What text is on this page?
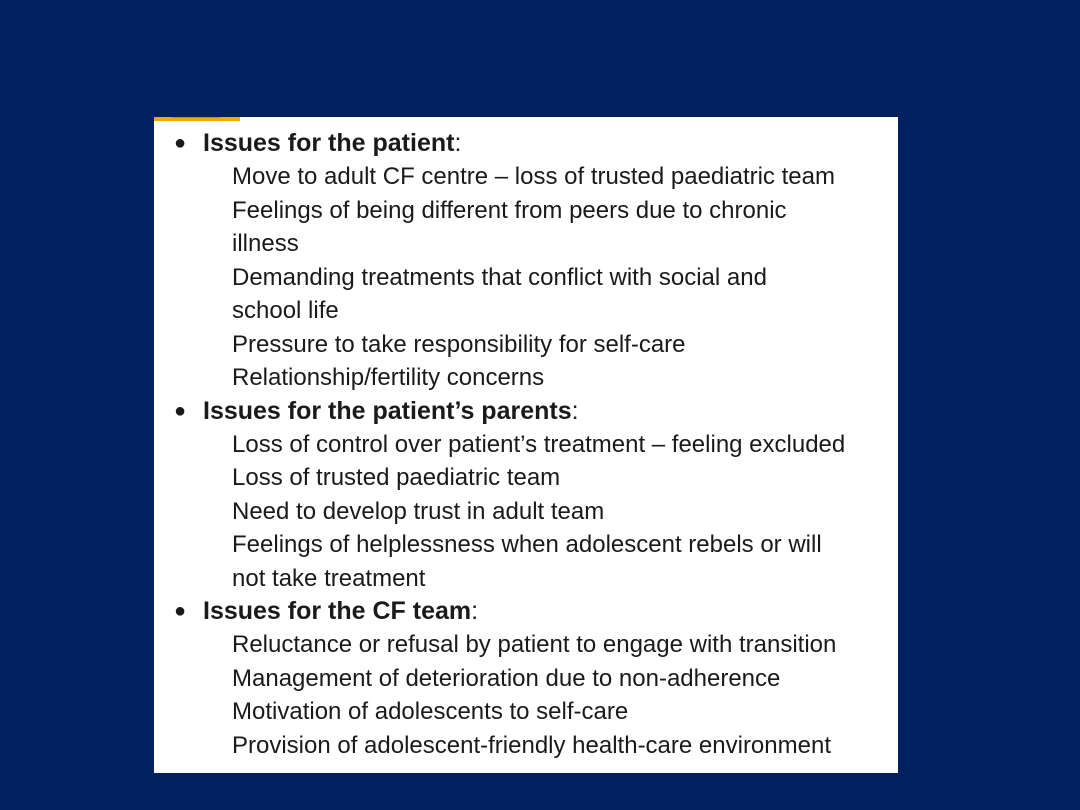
● Issues for the patient:
Move to adult CF centre – loss of trusted paediatric team
Feelings of being different from peers due to chronic
illness
Demanding treatments that conflict with social and
school life
Pressure to take responsibility for self-care
Relationship/fertility concerns
● Issues for the patient’s parents:
Loss of control over patient’s treatment – feeling excluded
Loss of trusted paediatric team
Need to develop trust in adult team
Feelings of helplessness when adolescent rebels or will
not take treatment
● Issues for the CF team:
Reluctance or refusal by patient to engage with transition
Management of deterioration due to non-adherence
Motivation of adolescents to self-care
Provision of adolescent-friendly health-care environment
